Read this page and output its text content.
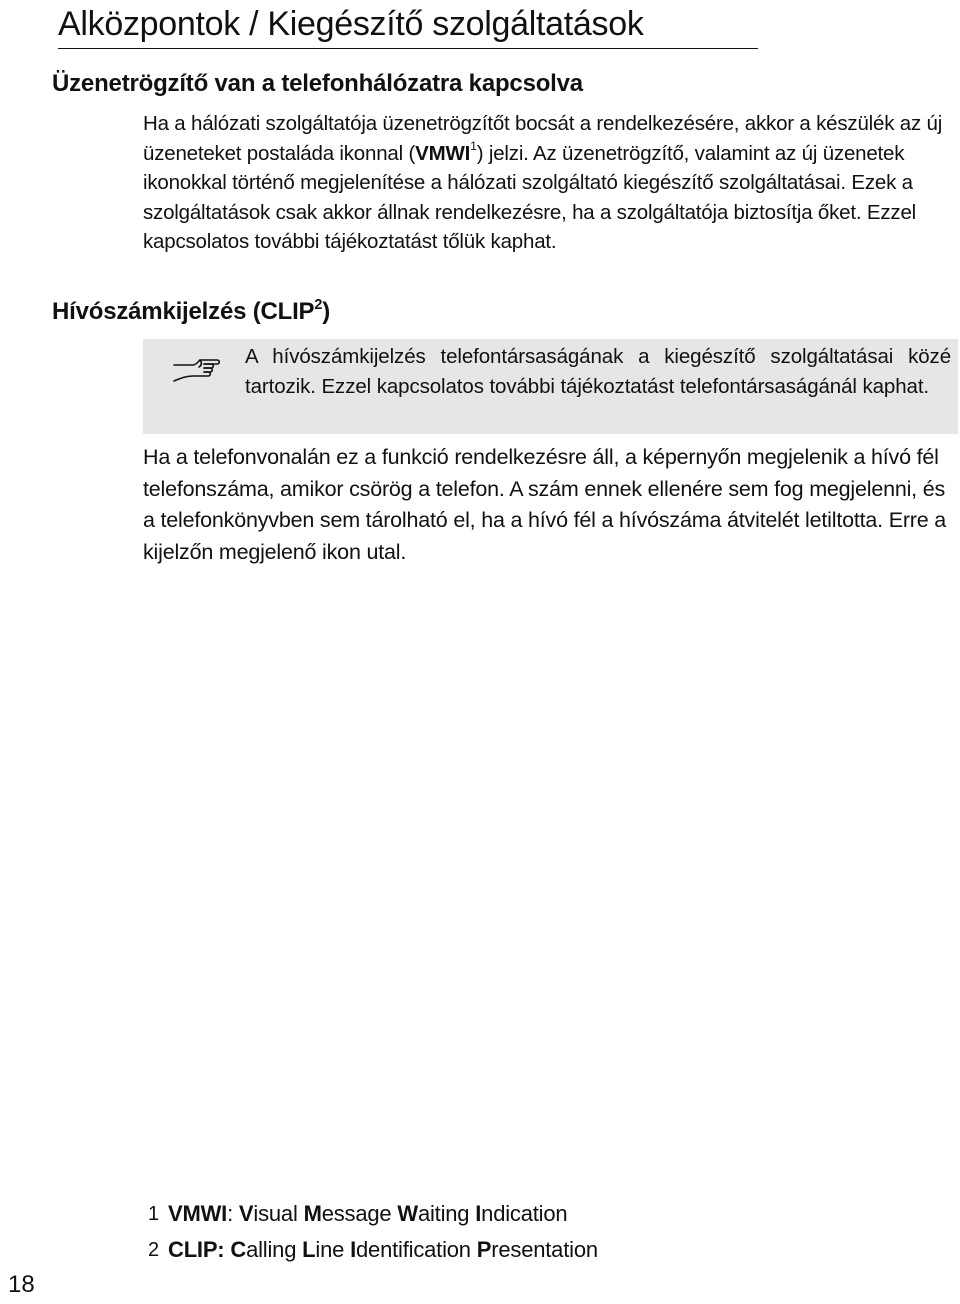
Alközpontok / Kiegészítő szolgáltatások
Üzenetrögzítő van a telefonhálózatra kapcsolva

Ha a hálózati szolgáltatója üzenetrögzítőt bocsát a rendelkezésére, akkor a készülék az új üzeneteket postaláda ikonnal (VMWI$^1$) jelzi. Az üzenetrögzítő, valamint az új üzenetek ikonokkal történő megjelenítése a hálózati szolgáltató kiegészítő szolgáltatásai. Ezek a szolgáltatások csak akkor állnak rendelkezésre, ha a szolgáltatója biztosítja őket. Ezzel kapcsolatos további tájékoztatást tőlük kaphat.

Hívószámkijelzés (CLIP$^2$)

A hívószámkijelzés telefontársaságának a kiegészítő szolgáltatásai közé tartozik. Ezzel kapcsolatos további tájékoztatást telefontársaságánál kaphat.

Ha a telefonvonalán ez a funkció rendelkezésre áll, a képernyőn megjelenik a hívó fél telefonszáma, amikor csörög a telefon. A szám ennek ellenére sem fog megjelenni, és a telefonkönyvben sem tárolható el, ha a hívó fél a hívószáma átvitelét letiltotta. Erre a kijelzőn megjelenő ikon utal.

1 VMWI: Visual Message Waiting Indication
2 CLIP: Calling Line Identification Presentation
18
